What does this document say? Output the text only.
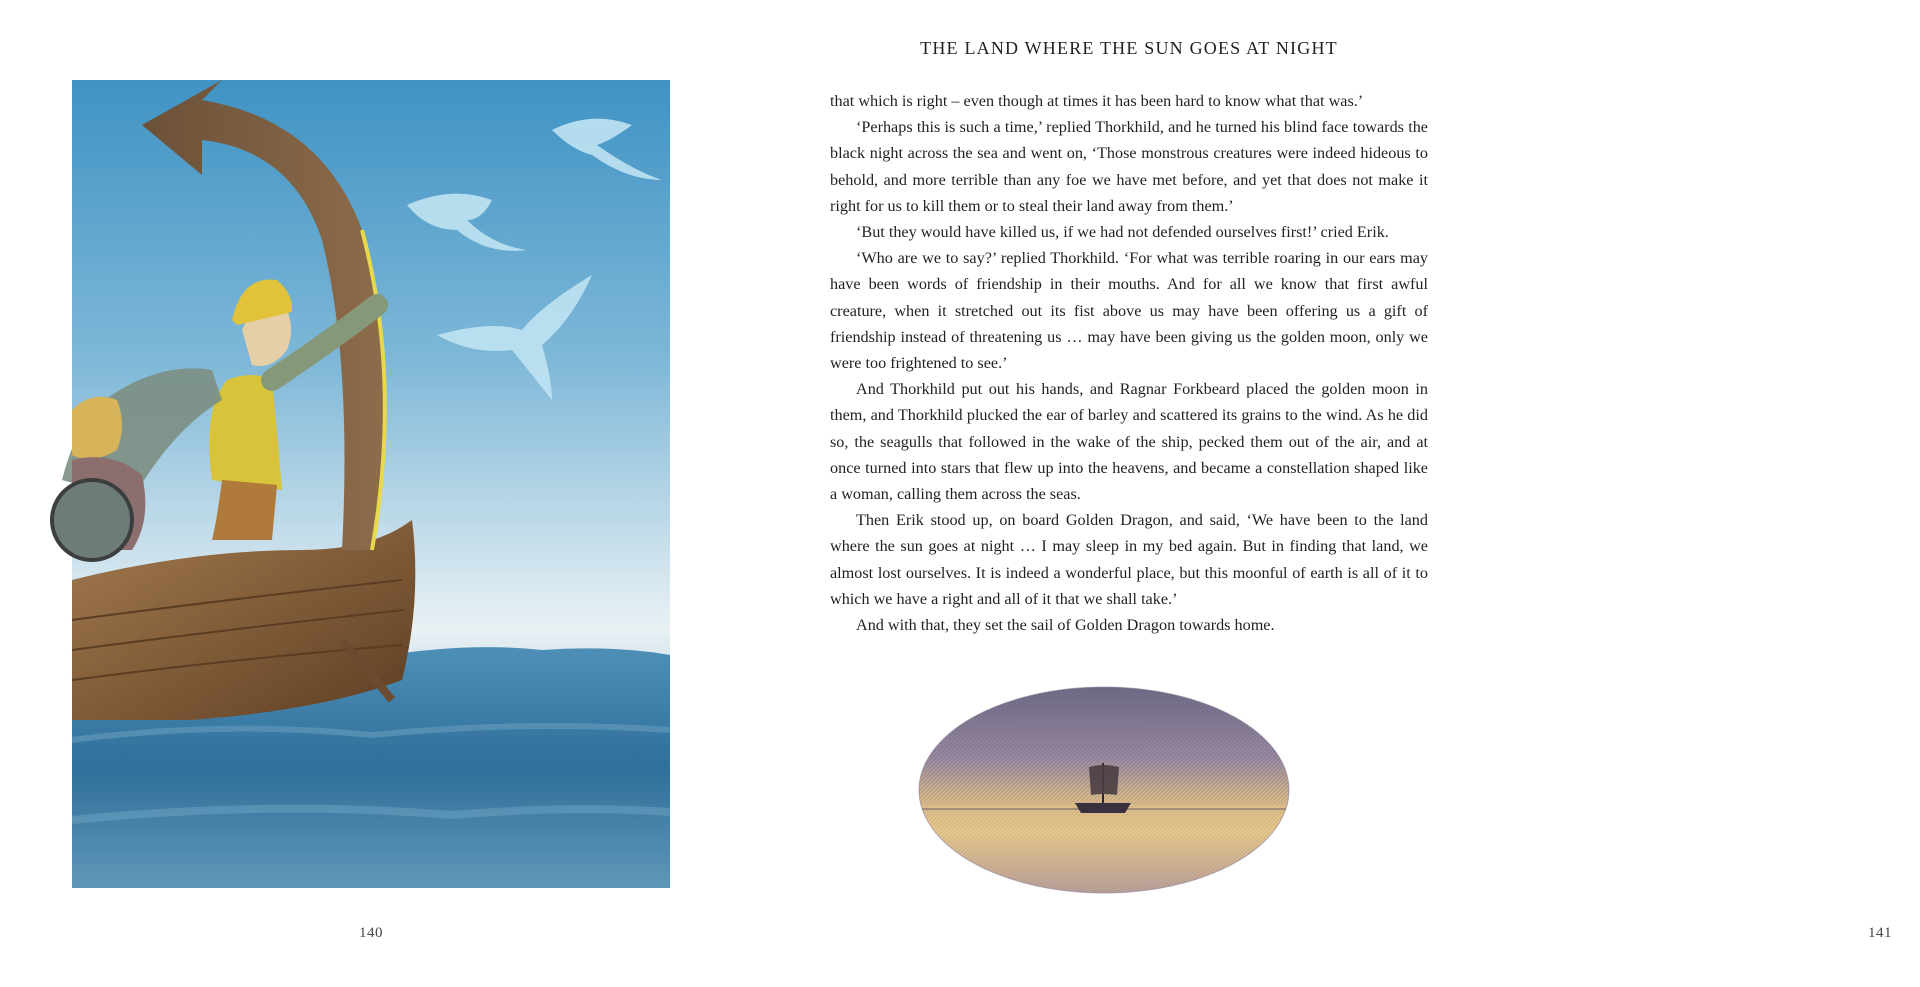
140
THE LAND WHERE THE SUN GOES AT NIGHT

that which is right – even though at times it has been hard to know what that was.’

‘Perhaps this is such a time,’ replied Thorkhild, and he turned his blind face towards the black night across the sea and went on, ‘Those monstrous creatures were indeed hideous to behold, and more terrible than any foe we have met before, and yet that does not make it right for us to kill them or to steal their land away from them.’

‘But they would have killed us, if we had not defended ourselves first!’ cried Erik.

‘Who are we to say?’ replied Thorkhild. ‘For what was terrible roaring in our ears may have been words of friendship in their mouths. And for all we know that first awful creature, when it stretched out its fist above us may have been offering us a gift of friendship instead of threatening us … may have been giving us the golden moon, only we were too frightened to see.’

And Thorkhild put out his hands, and Ragnar Forkbeard placed the golden moon in them, and Thorkhild plucked the ear of barley and scattered its grains to the wind. As he did so, the seagulls that followed in the wake of the ship, pecked them out of the air, and at once turned into stars that flew up into the heavens, and became a constellation shaped like a woman, calling them across the seas.

Then Erik stood up, on board Golden Dragon, and said, ‘We have been to the land where the sun goes at night … I may sleep in my bed again. But in finding that land, we almost lost ourselves. It is indeed a wonderful place, but this moonful of earth is all of it to which we have a right and all of it that we shall take.’

And with that, they set the sail of Golden Dragon towards home.

141
